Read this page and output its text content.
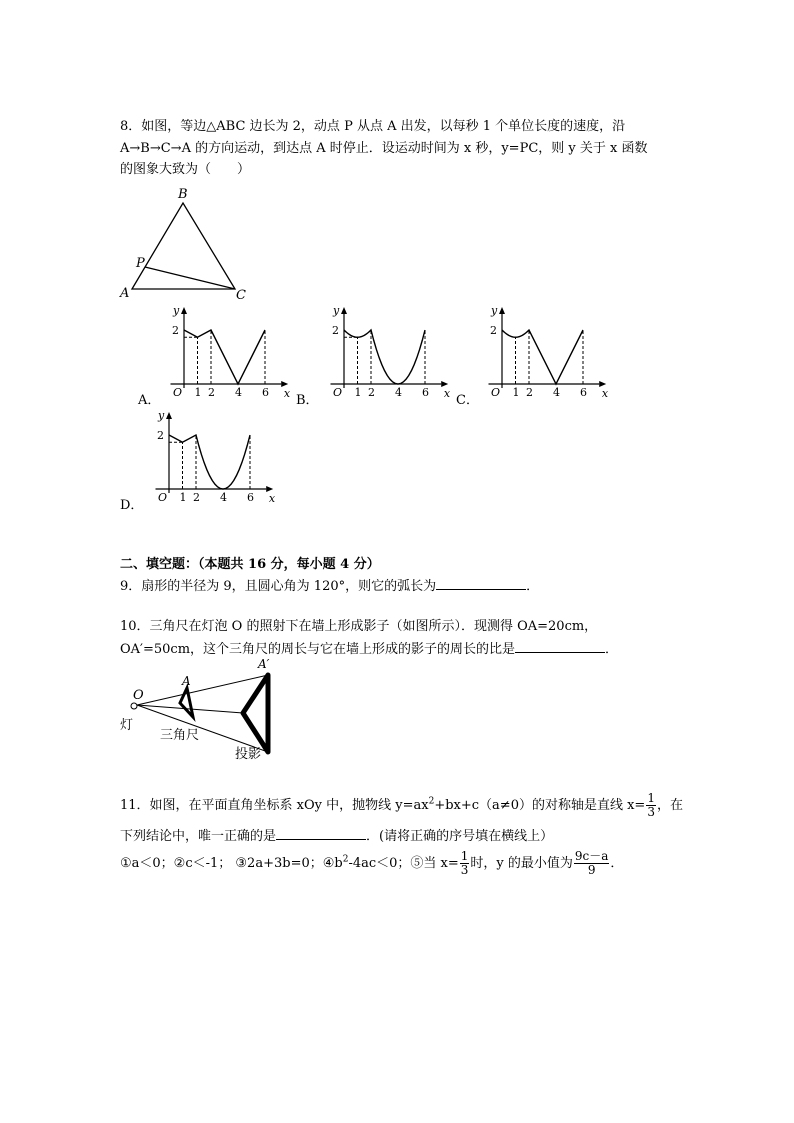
8．如图，等边△ABC 边长为 2，动点 P 从点 A 出发，以每秒 1 个单位长度的速度，沿
A→B→C→A 的方向运动，到达点 A 时停止．设运动时间为 x 秒，y=PC，则 y 关于 x 函数
的图象大致为（　　）
B
A	C
P
A．
y
x
O 1 2 4 6
2
B．
y
x
O 1 2 4 6
2
C．
y
x
O 1 2 4 6
2
D．
y
x
O 1 2 4 6
2
二、填空题：（本题共 16 分，每小题 4 分）
9．扇形的半径为 9，且圆心角为 120°，则它的弧长为	．
10．三角尺在灯泡 O 的照射下在墙上形成影子（如图所示）．现测得 OA=20cm，
OA′=50cm，这个三角尺的周长与它在墙上形成的影子的周长的比是	．
O
A
A′
灯
三角尺
投影
11．如图，在平面直角坐标系 xOy 中，抛物线 $y=ax^2+bx+c(a\ne 0)$的对称轴是直线 $x= \frac{1}{3}$ ，在
下列结论中，唯一正确的是	．(请将正确的序号填在横线上）
①a＜0；②c＜-1； ③2a+3b=0；$④b^2-4ac<0$；⑤当 $x= \frac{1}{3}$ 时，y 的最小值为 $\frac{9c-a}{9}$ ．
